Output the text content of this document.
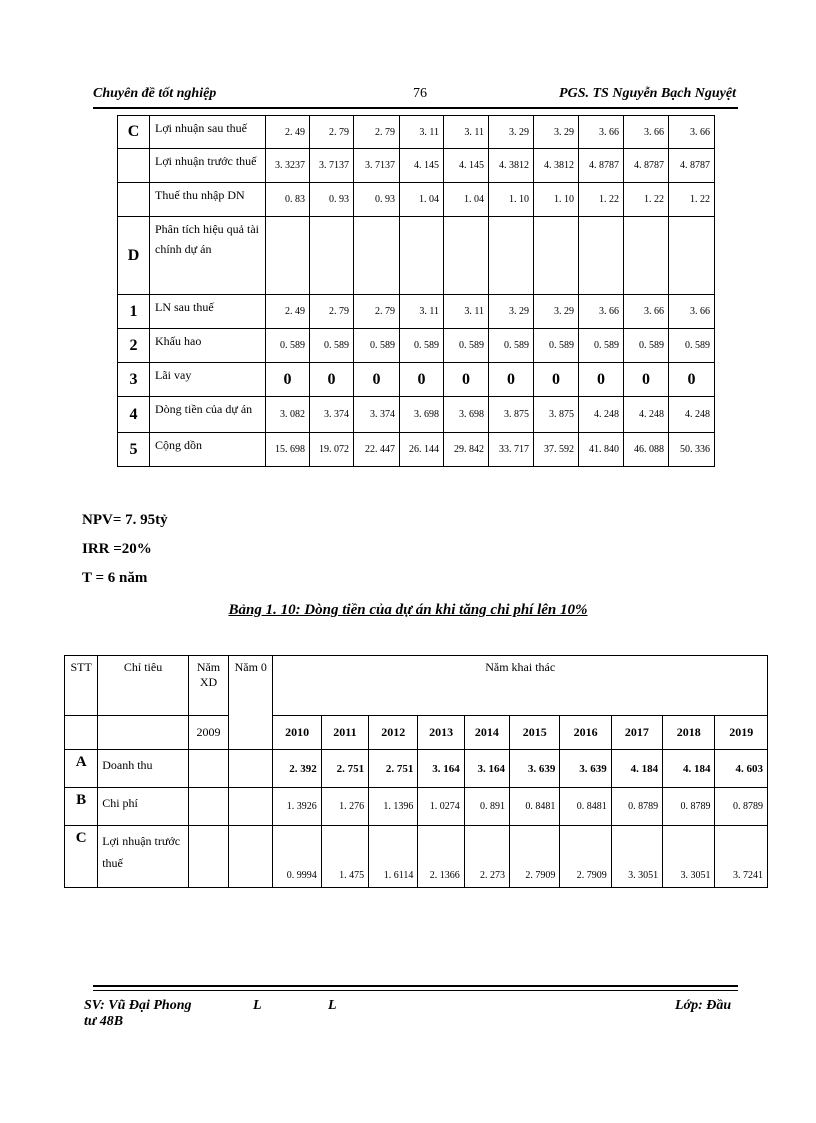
Chuyên đề tốt nghiệp	76	PGS. TS Nguyễn Bạch Nguyệt
C	Lợi nhuận sau thuế	2. 49	2. 79	2. 79	3. 11	3. 11	3. 29	3. 29	3. 66	3. 66	3. 66
	Lợi nhuận trước thuế	3. 3237	3. 7137	3. 7137	4. 145	4. 145	4. 3812	4. 3812	4. 8787	4. 8787	4. 8787
	Thuế thu nhập DN	0. 83	0. 93	0. 93	1. 04	1. 04	1. 10	1. 10	1. 22	1. 22	1. 22
D	Phân tích hiệu quả tài chính dự án										
1	LN sau thuế	2. 49	2. 79	2. 79	3. 11	3. 11	3. 29	3. 29	3. 66	3. 66	3. 66
2	Khấu hao	0. 589	0. 589	0. 589	0. 589	0. 589	0. 589	0. 589	0. 589	0. 589	0. 589
3	Lãi vay	0	0	0	0	0	0	0	0	0	0
4	Dòng tiền của dự án	3. 082	3. 374	3. 374	3. 698	3. 698	3. 875	3. 875	4. 248	4. 248	4. 248
5	Cộng dồn	15. 698	19. 072	22. 447	26. 144	29. 842	33. 717	37. 592	41. 840	46. 088	50. 336
NPV= 7. 95tỷ
IRR =20%
T = 6 năm
Bảng 1. 10: Dòng tiền của dự án khi tăng chi phí lên 10%
STT	Chỉ tiêu	Năm XD	Năm 0	Năm khai thác									
		2009		2010	2011	2012	2013	2014	2015	2016	2017	2018	2019
A	Doanh thu			2. 392	2. 751	2. 751	3. 164	3. 164	3. 639	3. 639	4. 184	4. 184	4. 603
B	Chi phí			1. 3926	1. 276	1. 1396	1. 0274	0. 891	0. 8481	0. 8481	0. 8789	0. 8789	0. 8789
C	Lợi nhuận trước thuế			0. 9994	1. 475	1. 6114	2. 1366	2. 273	2. 7909	2. 7909	3. 3051	3. 3051	3. 7241
SV: Vũ Đại Phong
tư 48B
L	L	Lớp: Đầu
